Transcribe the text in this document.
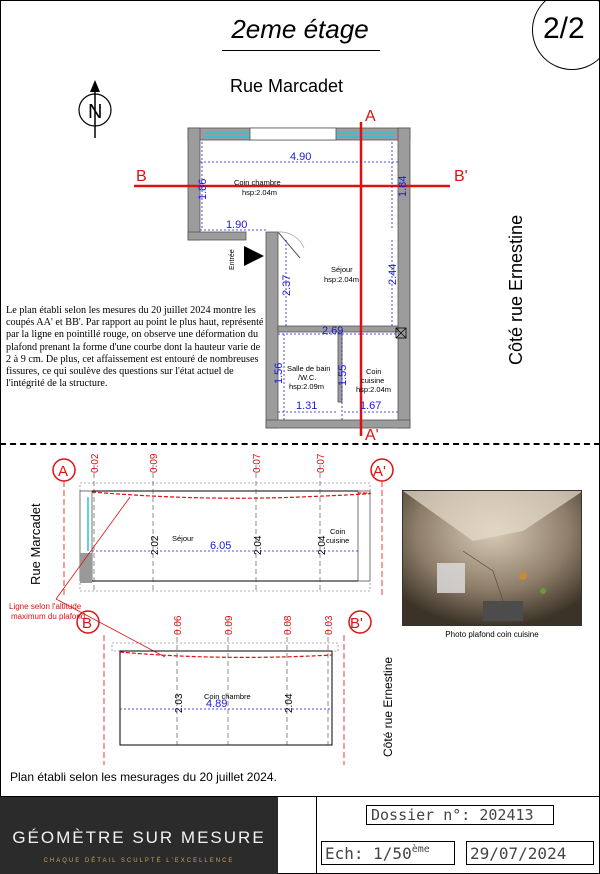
2eme étage	2/2
Rue Marcadet
Côté rue Ernestine
N
Entrée
A
A'
B	B'
4.90
1.86	1.84
1.90
2.37
2.44
2.69
1.56	1.55
1.31	1.67
Coin chambre
hsp:2.04m
Séjour
hsp:2.04m
Salle de bain
/W.C.
hsp:2.09m
Coin
cuisine
hsp:2.04m
Le plan établi selon les mesures du 20 juillet 2024 montre les coupés AA' et BB'. Par rapport au point le plus haut, représenté par la ligne en pointillé rouge, on observe une déformation du plafond prenant la forme d'une courbe dont la hauteur varie de 2 à 9 cm. De plus, cet affaissement est entouré de nombreuses fissures, ce qui soulève des questions sur l'état actuel de l'intégrité de la structure.
A	A'
0.02	0.09	0.07	0.07
2.02	2.04	2.04
6.05
Séjour
Coin
cuisine
Rue Marcadet
Ligne selon l'altitude
maximum du plafond
B	B'
0.06	0.09	0.08	0.03
2.03	2.04
4.89
Coin chambre	Côté rue Ernestine
Photo plafond coin cuisine
Plan établi selon les mesurages du 20 juillet 2024.
GÉOMÈTRE SUR MESURE
CHAQUE DÉTAIL SCULPTÉ L'EXCELLENCE
Dossier n°: 202413
Ech: 1/50ème	29/07/2024
